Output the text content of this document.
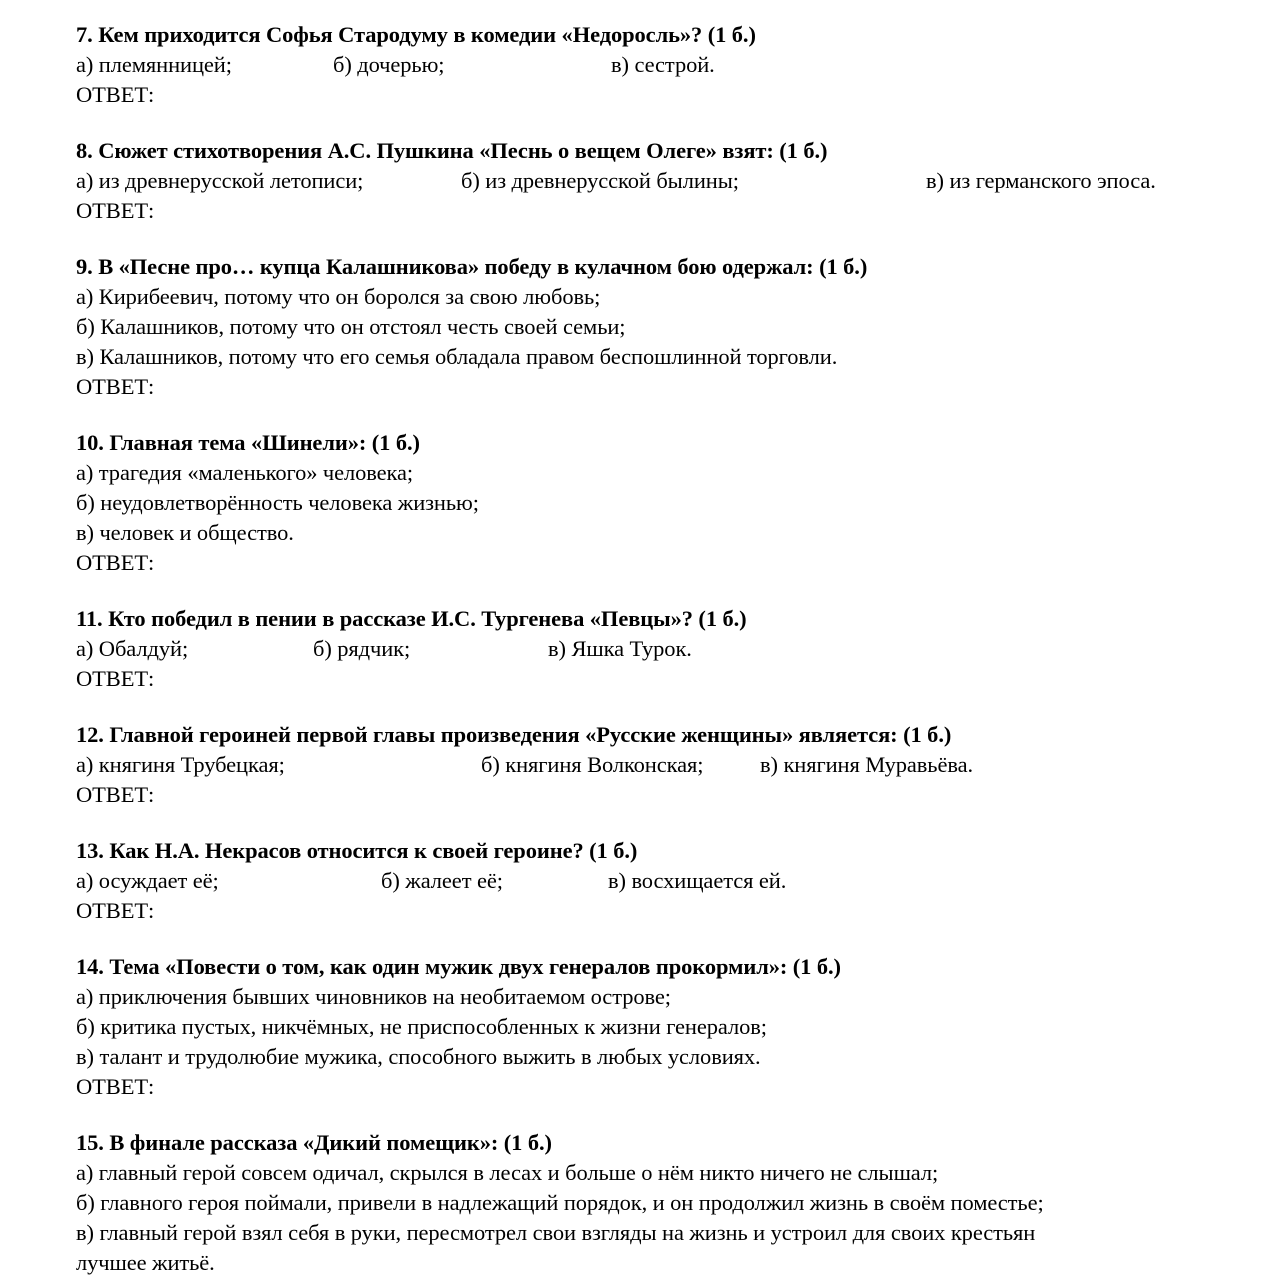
7. Кем приходится Софья Стародуму в комедии «Недоросль»? (1 б.)
а) племянницей;	б) дочерью;	в) сестрой.
ОТВЕТ:
8. Сюжет стихотворения А.С. Пушкина «Песнь о вещем Олеге» взят: (1 б.)
а) из древнерусской летописи;	б) из древнерусской былины;	в) из германского эпоса.
ОТВЕТ:
9. В «Песне про… купца Калашникова» победу в кулачном бою одержал: (1 б.)
а) Кирибеевич, потому что он боролся за свою любовь;
б) Калашников, потому что он отстоял честь своей семьи;
в) Калашников, потому что его семья обладала правом беспошлинной торговли.
ОТВЕТ:
10. Главная тема «Шинели»: (1 б.)
а) трагедия «маленького» человека;
б) неудовлетворённость человека жизнью;
в) человек и общество.
ОТВЕТ:
11. Кто победил в пении в рассказе И.С. Тургенева «Певцы»? (1 б.)
а) Обалдуй;	б) рядчик;	в) Яшка Турок.
ОТВЕТ:
12. Главной героиней первой главы произведения «Русские женщины» является: (1 б.)
а) княгиня Трубецкая;	б) княгиня Волконская;	в) княгиня Муравьёва.
ОТВЕТ:
13. Как Н.А. Некрасов относится к своей героине? (1 б.)
а) осуждает её;	б) жалеет её;	в) восхищается ей.
ОТВЕТ:
14. Тема «Повести о том, как один мужик двух генералов прокормил»: (1 б.)
а) приключения бывших чиновников на необитаемом острове;
б) критика пустых, никчёмных, не приспособленных к жизни генералов;
в) талант и трудолюбие мужика, способного выжить в любых условиях.
ОТВЕТ:
15. В финале рассказа «Дикий помещик»: (1 б.)
а) главный герой совсем одичал, скрылся в лесах и больше о нём никто ничего не слышал;
б) главного героя поймали, привели в надлежащий порядок, и он продолжил жизнь в своём поместье;
в) главный герой взял себя в руки, пересмотрел свои взгляды на жизнь и устроил для своих крестьян
лучшее житьё.
